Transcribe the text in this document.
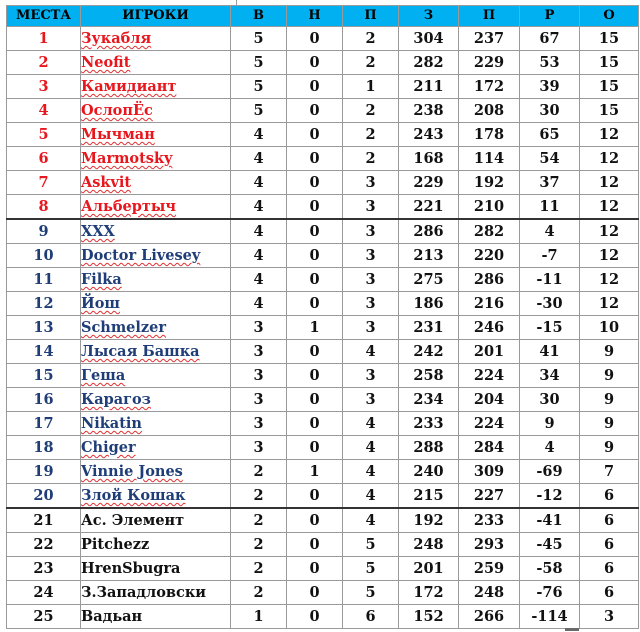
МЕСТА	ИГРОКИ	В	Н	П	З	П	Р	О
1	Зукабля	5	0	2	304	237	67	15
2	Neofit	5	0	2	282	229	53	15
3	Камидиант	5	0	1	211	172	39	15
4	ОслопЁс	5	0	2	238	208	30	15
5	Мычман	4	0	2	243	178	65	12
6	Marmotsky	4	0	2	168	114	54	12
7	Askvit	4	0	3	229	192	37	12
8	Альбертыч	4	0	3	221	210	11	12
9	XXX	4	0	3	286	282	4	12
10	Doctor Livesey	4	0	3	213	220	-7	12
11	Filka	4	0	3	275	286	-11	12
12	Йош	4	0	3	186	216	-30	12
13	Schmelzer	3	1	3	231	246	-15	10
14	Лысая Башка	3	0	4	242	201	41	9
15	Геша	3	0	3	258	224	34	9
16	Карагоз	3	0	3	234	204	30	9
17	Nikatin	3	0	4	233	224	9	9
18	Chiger	3	0	4	288	284	4	9
19	Vinnie Jones	2	1	4	240	309	-69	7
20	Злой Кошак	2	0	4	215	227	-12	6
21	Ас. Элемент	2	0	4	192	233	-41	6
22	Pitchezz	2	0	5	248	293	-45	6
23	HrenSbugra	2	0	5	201	259	-58	6
24	З.Западловски	2	0	5	172	248	-76	6
25	Вадьан	1	0	6	152	266	-114	3
